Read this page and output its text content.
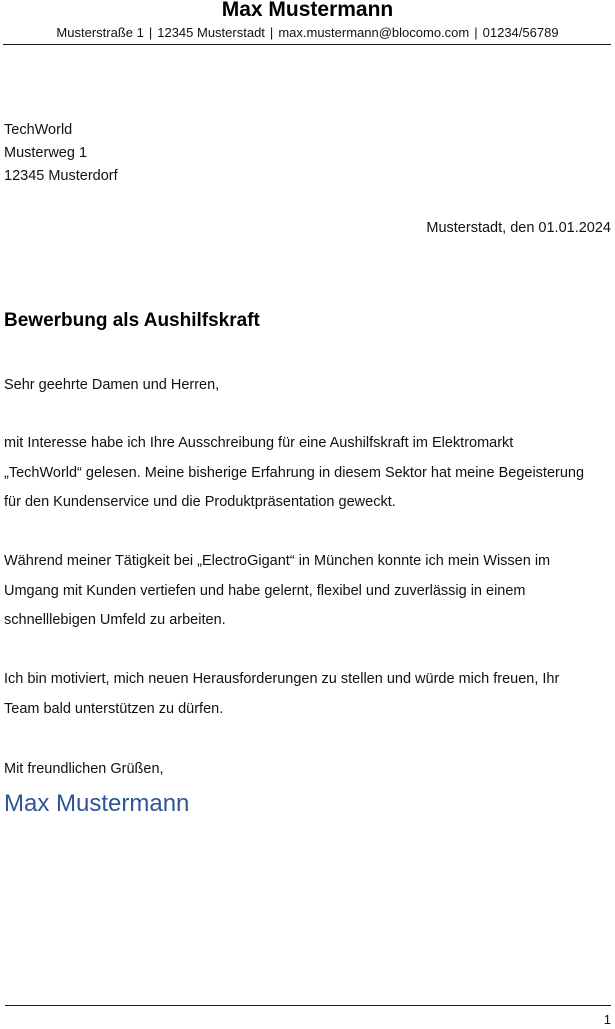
Max Mustermann
Musterstraße 1 | 12345 Musterstadt | max.mustermann@blocomo.com | 01234/56789
TechWorld
Musterweg 1
12345 Musterdorf
Musterstadt, den 01.01.2024
Bewerbung als Aushilfskraft
Sehr geehrte Damen und Herren,
mit Interesse habe ich Ihre Ausschreibung für eine Aushilfskraft im Elektromarkt
„TechWorld“ gelesen. Meine bisherige Erfahrung in diesem Sektor hat meine Begeisterung
für den Kundenservice und die Produktpräsentation geweckt.
Während meiner Tätigkeit bei „ElectroGigant“ in München konnte ich mein Wissen im
Umgang mit Kunden vertiefen und habe gelernt, flexibel und zuverlässig in einem
schnelllebigen Umfeld zu arbeiten.
Ich bin motiviert, mich neuen Herausforderungen zu stellen und würde mich freuen, Ihr
Team bald unterstützen zu dürfen.
Mit freundlichen Grüßen,
Max Mustermann
1
